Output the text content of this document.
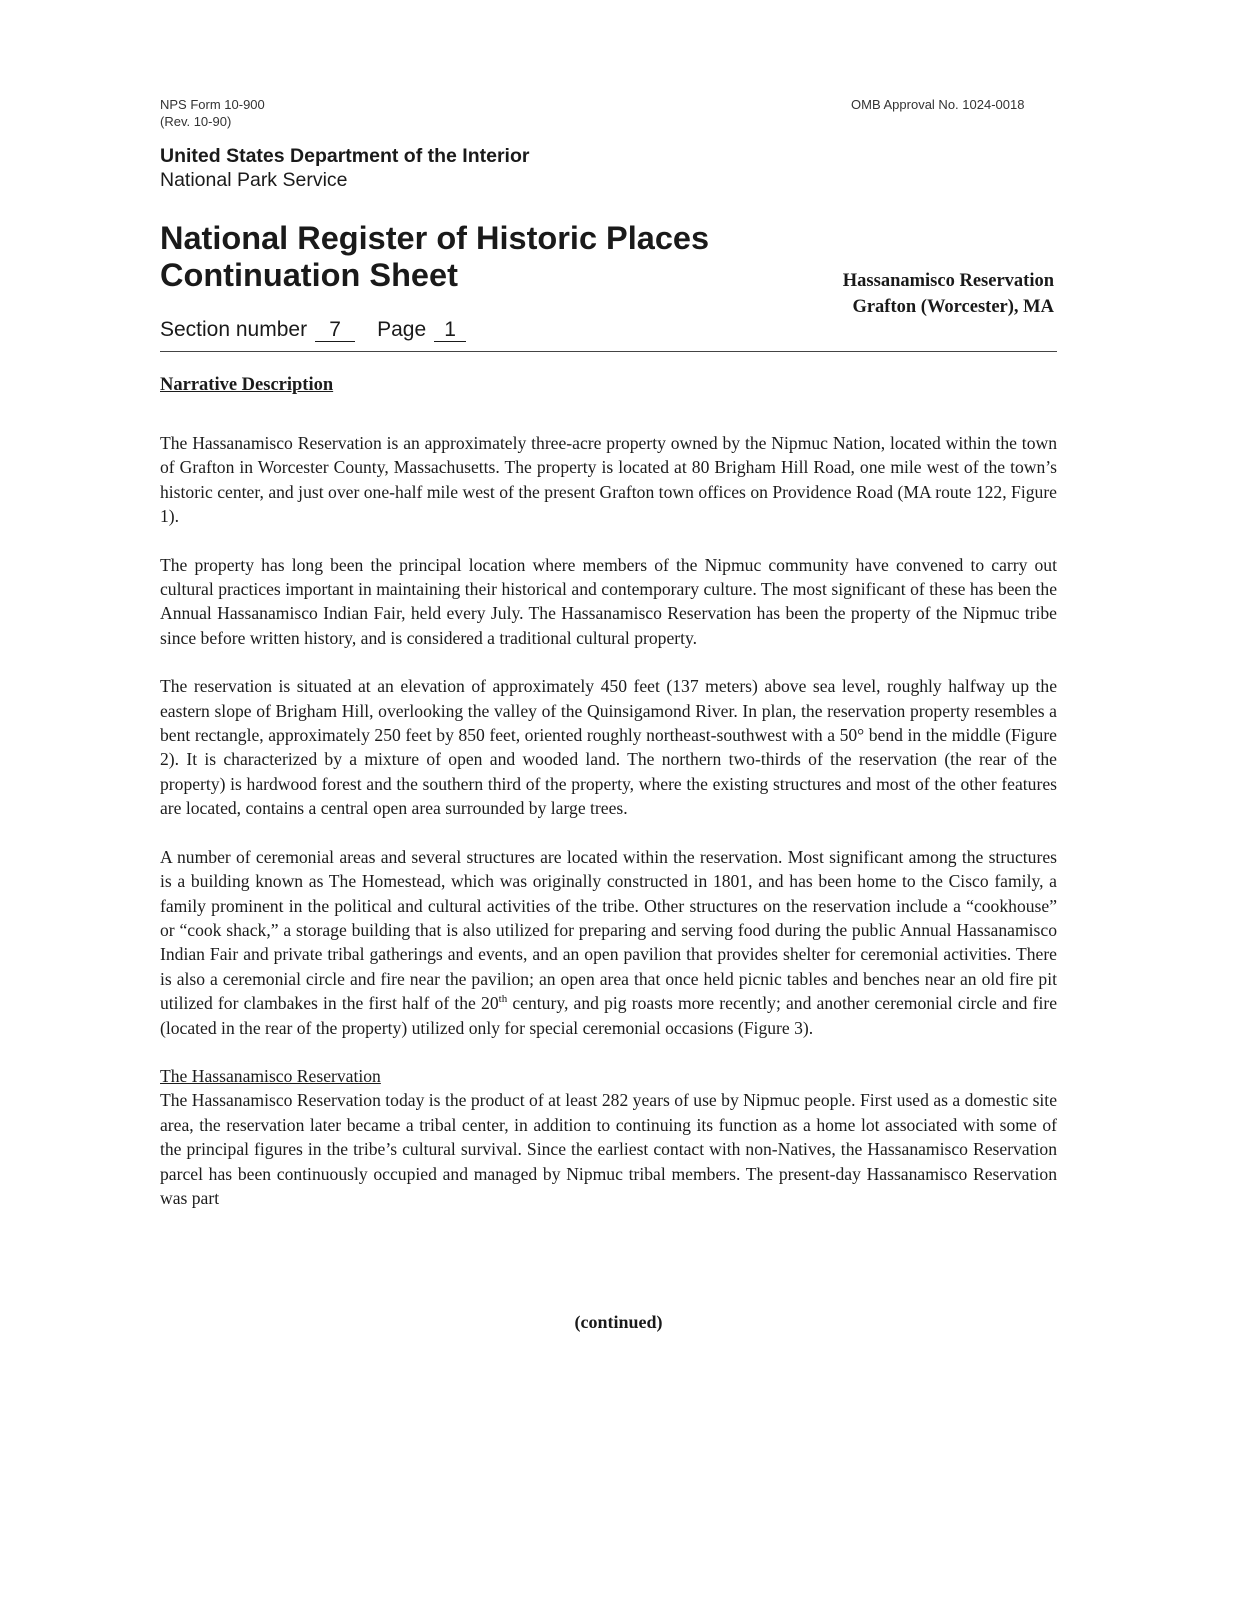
NPS Form 10-900
(Rev. 10-90)
OMB Approval No. 1024-0018
United States Department of the Interior
National Park Service
National Register of Historic Places
Continuation Sheet	Hassanamisco Reservation
Grafton (Worcester), MA
Section number 7 Page 1
Narrative Description

The Hassanamisco Reservation is an approximately three-acre property owned by the Nipmuc Nation, located within the town of Grafton in Worcester County, Massachusetts. The property is located at 80 Brigham Hill Road, one mile west of the town’s historic center, and just over one-half mile west of the present Grafton town offices on Providence Road (MA route 122, Figure 1).

The property has long been the principal location where members of the Nipmuc community have convened to carry out cultural practices important in maintaining their historical and contemporary culture. The most significant of these has been the Annual Hassanamisco Indian Fair, held every July. The Hassanamisco Reservation has been the property of the Nipmuc tribe since before written history, and is considered a traditional cultural property.

The reservation is situated at an elevation of approximately 450 feet (137 meters) above sea level, roughly halfway up the eastern slope of Brigham Hill, overlooking the valley of the Quinsigamond River. In plan, the reservation property resembles a bent rectangle, approximately 250 feet by 850 feet, oriented roughly northeast-southwest with a 50° bend in the middle (Figure 2). It is characterized by a mixture of open and wooded land. The northern two-thirds of the reservation (the rear of the property) is hardwood forest and the southern third of the property, where the existing structures and most of the other features are located, contains a central open area surrounded by large trees.

A number of ceremonial areas and several structures are located within the reservation. Most significant among the structures is a building known as The Homestead, which was originally constructed in 1801, and has been home to the Cisco family, a family prominent in the political and cultural activities of the tribe. Other structures on the reservation include a “cookhouse” or “cook shack,” a storage building that is also utilized for preparing and serving food during the public Annual Hassanamisco Indian Fair and private tribal gatherings and events, and an open pavilion that provides shelter for ceremonial activities. There is also a ceremonial circle and fire near the pavilion; an open area that once held picnic tables and benches near an old fire pit utilized for clambakes in the first half of the 20th century, and pig roasts more recently; and another ceremonial circle and fire (located in the rear of the property) utilized only for special ceremonial occasions (Figure 3).

The Hassanamisco Reservation

The Hassanamisco Reservation today is the product of at least 282 years of use by Nipmuc people. First used as a domestic site area, the reservation later became a tribal center, in addition to continuing its function as a home lot associated with some of the principal figures in the tribe’s cultural survival. Since the earliest contact with non-Natives, the Hassanamisco Reservation parcel has been continuously occupied and managed by Nipmuc tribal members. The present-day Hassanamisco Reservation was part

(continued)
